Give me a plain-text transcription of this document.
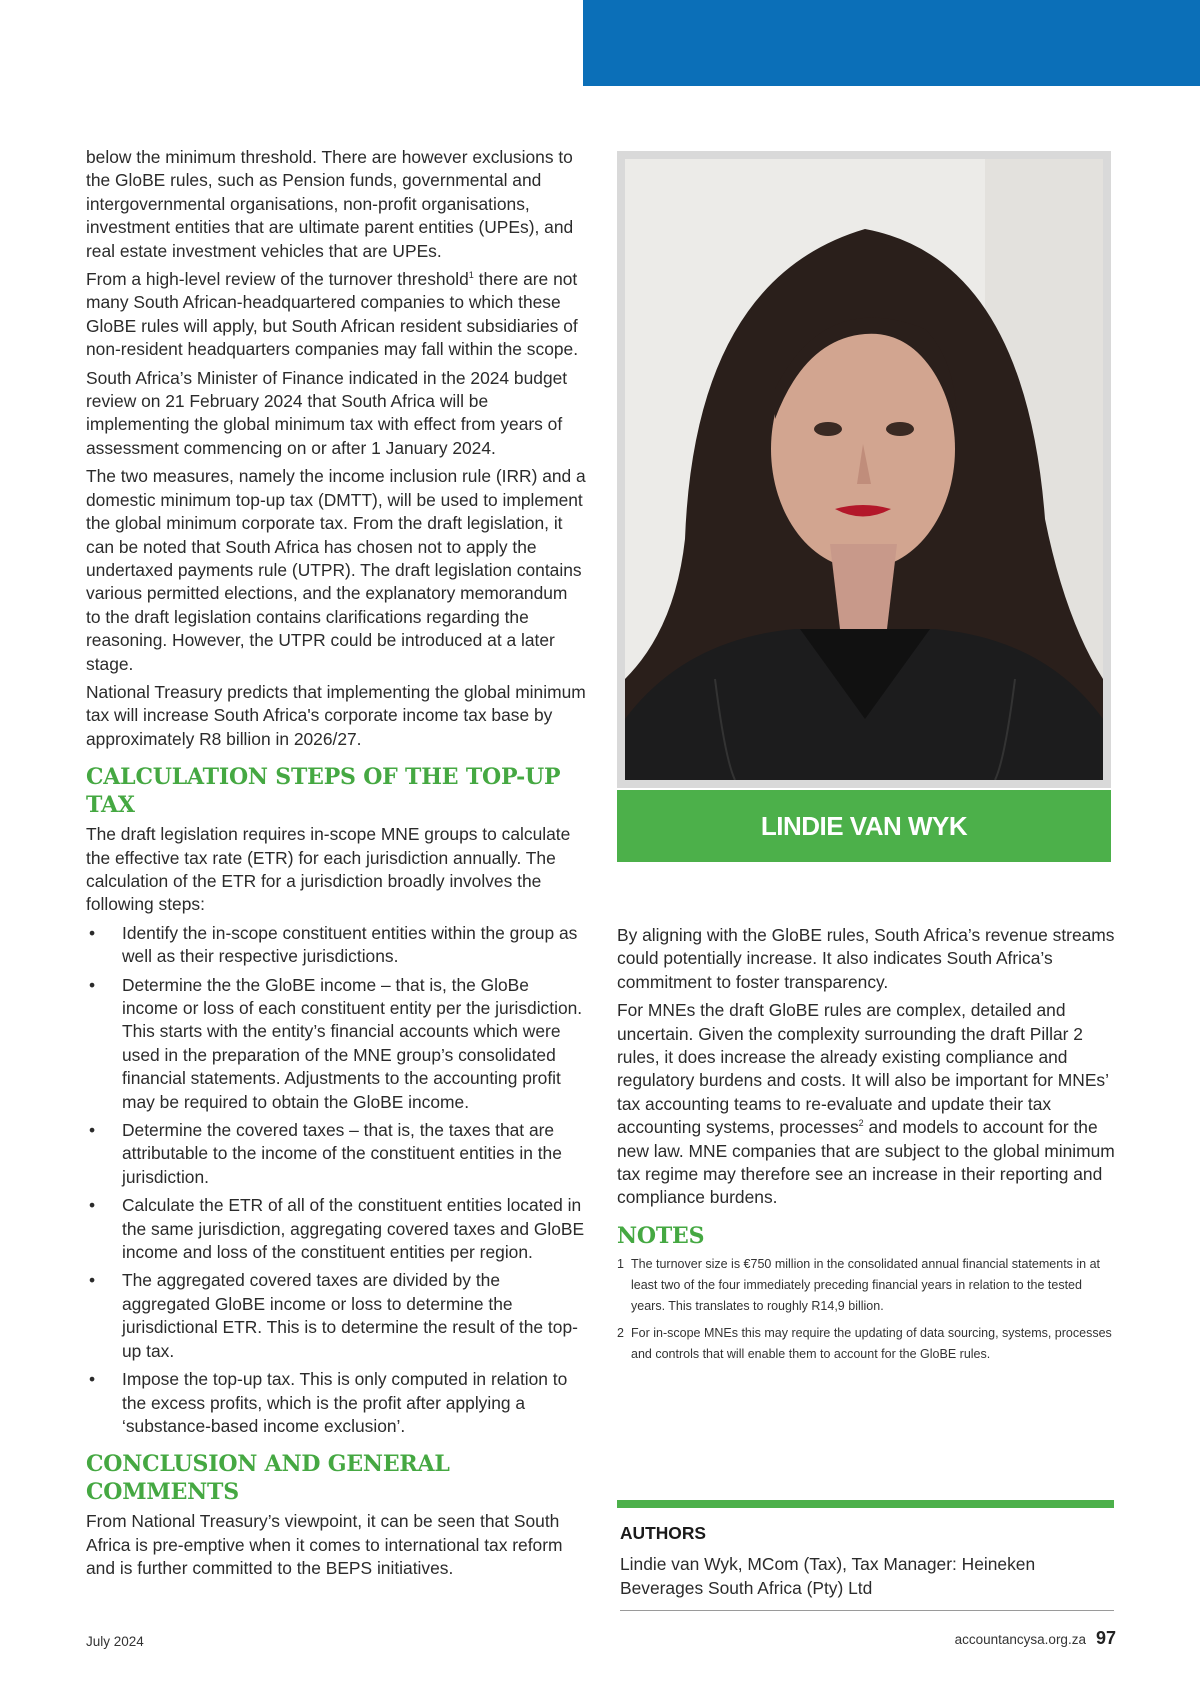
below the minimum threshold. There are however exclusions to the GloBE rules, such as Pension funds, governmental and intergovernmental organisations, non-profit organisations, investment entities that are ultimate parent entities (UPEs), and real estate investment vehicles that are UPEs.

From a high-level review of the turnover threshold$^1$ there are not many South African-headquartered companies to which these GloBE rules will apply, but South African resident subsidiaries of non-resident headquarters companies may fall within the scope.

South Africa’s Minister of Finance indicated in the 2024 budget review on 21 February 2024 that South Africa will be implementing the global minimum tax with effect from years of assessment commencing on or after 1 January 2024.

The two measures, namely the income inclusion rule (IRR) and a domestic minimum top-up tax (DMTT), will be used to implement the global minimum corporate tax. From the draft legislation, it can be noted that South Africa has chosen not to apply the undertaxed payments rule (UTPR). The draft legislation contains various permitted elections, and the explanatory memorandum to the draft legislation contains clarifications regarding the reasoning. However, the UTPR could be introduced at a later stage.

National Treasury predicts that implementing the global minimum tax will increase South Africa's corporate income tax base by approximately R8 billion in 2026/27.

CALCULATION STEPS OF THE TOP-UP TAX

The draft legislation requires in-scope MNE groups to calculate the effective tax rate (ETR) for each jurisdiction annually. The calculation of the ETR for a jurisdiction broadly involves the following steps:

• Identify the in-scope constituent entities within the group as well as their respective jurisdictions.
• Determine the the GloBE income – that is, the GloBe income or loss of each constituent entity per the jurisdiction. This starts with the entity’s financial accounts which were used in the preparation of the MNE group’s consolidated financial statements. Adjustments to the accounting profit may be required to obtain the GloBE income.
• Determine the covered taxes – that is, the taxes that are attributable to the income of the constituent entities in the jurisdiction.
• Calculate the ETR of all of the constituent entities located in the same jurisdiction, aggregating covered taxes and GloBE income and loss of the constituent entities per region.
• The aggregated covered taxes are divided by the aggregated GloBE income or loss to determine the jurisdictional ETR. This is to determine the result of the top-up tax.
• Impose the top-up tax. This is only computed in relation to the excess profits, which is the profit after applying a ‘substance-based income exclusion’.
CONCLUSION AND GENERAL COMMENTS

From National Treasury’s viewpoint, it can be seen that South Africa is pre-emptive when it comes to international tax reform and is further committed to the BEPS initiatives.

LINDIE VAN WYK

By aligning with the GloBE rules, South Africa’s revenue streams could potentially increase. It also indicates South Africa’s commitment to foster transparency.

For MNEs the draft GloBE rules are complex, detailed and uncertain. Given the complexity surrounding the draft Pillar 2 rules, it does increase the already existing compliance and regulatory burdens and costs. It will also be important for MNEs’ tax accounting teams to re-evaluate and update their tax accounting systems, processes$^2$ and models to account for the new law. MNE companies that are subject to the global minimum tax regime may therefore see an increase in their reporting and compliance burdens.

NOTES
1 The turnover size is €750 million in the consolidated annual financial statements in at least two of the four immediately preceding financial years in relation to the tested years. This translates to roughly R14,9 billion.
2 For in-scope MNEs this may require the updating of data sourcing, systems, processes and controls that will enable them to account for the GloBE rules.
AUTHORS
Lindie van Wyk, MCom (Tax), Tax Manager: Heineken Beverages South Africa (Pty) Ltd
July 2024	accountancysa.org.za 97
